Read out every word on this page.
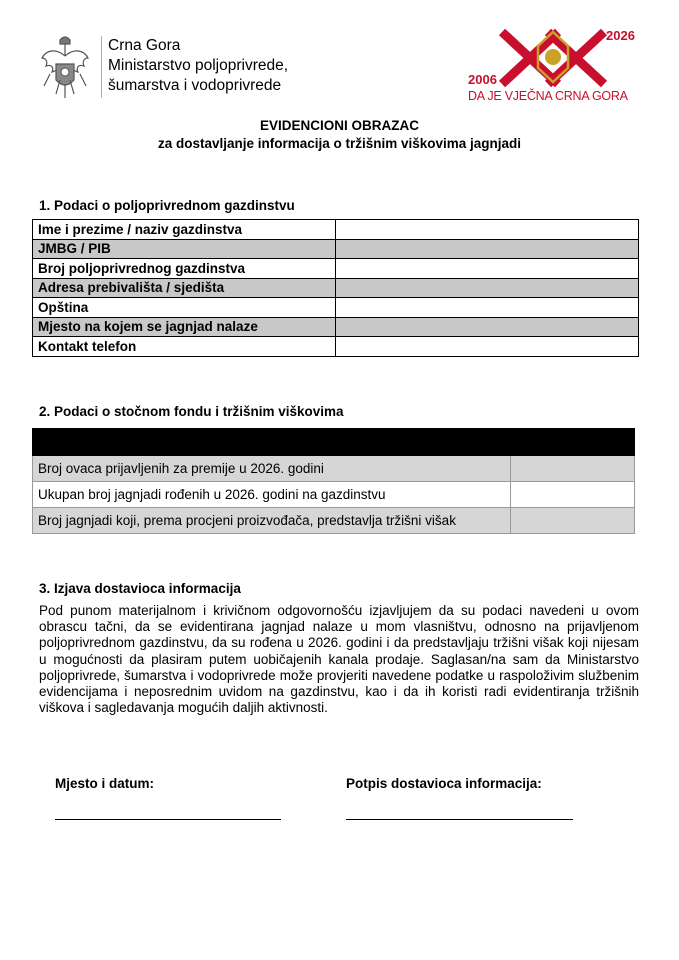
Crna Gora
Ministarstvo poljoprivrede,
šumarstva i vodoprivrede	2006
2026
DA JE VJEČNA CRNA GORA
EVIDENCIONI OBRAZAC
za dostavljanje informacija o tržišnim viškovima jagnjadi
1. Podaci o poljoprivrednom gazdinstvu
Ime i prezime / naziv gazdinstva	
JMBG / PIB	
Broj poljoprivrednog gazdinstva	
Adresa prebivališta / sjedišta	
Opština	
Mjesto na kojem se jagnjad nalaze	
Kontakt telefon	
2. Podaci o stočnom fondu i tržišnim viškovima

Broj ovaca prijavljenih za premije u 2026. godini	
Ukupan broj jagnjadi rođenih u 2026. godini na gazdinstvu	
Broj jagnjadi koji, prema procjeni proizvođača, predstavlja tržišni višak	
3. Izjava dostavioca informacija
Pod punom materijalnom i krivičnom odgovornošću izjavljujem da su podaci navedeni u ovom obrascu tačni, da se evidentirana jagnjad nalaze u mom vlasništvu, odnosno na prijavljenom poljoprivrednom gazdinstvu, da su rođena u 2026. godini i da predstavljaju tržišni višak koji nijesam u mogućnosti da plasiram putem uobičajenih kanala prodaje. Saglasan/na sam da Ministarstvo poljoprivrede, šumarstva i vodoprivrede može provjeriti navedene podatke u raspoloživim službenim evidencijama i neposrednim uvidom na gazdinstvu, kao i da ih koristi radi evidentiranja tržišnih viškova i sagledavanja mogućih daljih aktivnosti.
Mjesto i datum:	Potpis dostavioca informacija:
